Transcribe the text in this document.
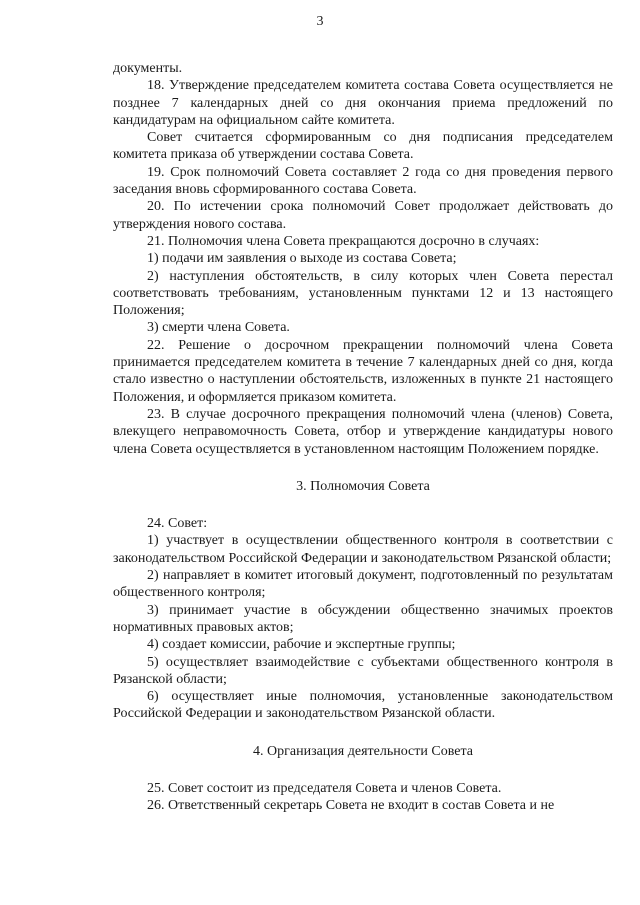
3

документы.

18. Утверждение председателем комитета состава Совета осуществляется не позднее 7 календарных дней со дня окончания приема предложений по кандидатурам на официальном сайте комитета.

Совет считается сформированным со дня подписания председателем комитета приказа об утверждении состава Совета.

19. Срок полномочий Совета составляет 2 года со дня проведения первого заседания вновь сформированного состава Совета.

20. По истечении срока полномочий Совет продолжает действовать до утверждения нового состава.

21. Полномочия члена Совета прекращаются досрочно в случаях:

1) подачи им заявления о выходе из состава Совета;

2) наступления обстоятельств, в силу которых член Совета перестал соответствовать требованиям, установленным пунктами 12 и 13 настоящего Положения;

3) смерти члена Совета.

22. Решение о досрочном прекращении полномочий члена Совета принимается председателем комитета в течение 7 календарных дней со дня, когда стало известно о наступлении обстоятельств, изложенных в пункте 21 настоящего Положения, и оформляется приказом комитета.

23. В случае досрочного прекращения полномочий члена (членов) Совета, влекущего неправомочность Совета, отбор и утверждение кандидатуры нового члена Совета осуществляется в установленном настоящим Положением порядке.

3. Полномочия Совета

24. Совет:

1) участвует в осуществлении общественного контроля в соответствии с законодательством Российской Федерации и законодательством Рязанской области;

2) направляет в комитет итоговый документ, подготовленный по результатам общественного контроля;

3) принимает участие в обсуждении общественно значимых проектов нормативных правовых актов;

4) создает комиссии, рабочие и экспертные группы;

5) осуществляет взаимодействие с субъектами общественного контроля в Рязанской области;

6) осуществляет иные полномочия, установленные законодательством Российской Федерации и законодательством Рязанской области.

4. Организация деятельности Совета

25. Совет состоит из председателя Совета и членов Совета.

26. Ответственный секретарь Совета не входит в состав Совета и не
